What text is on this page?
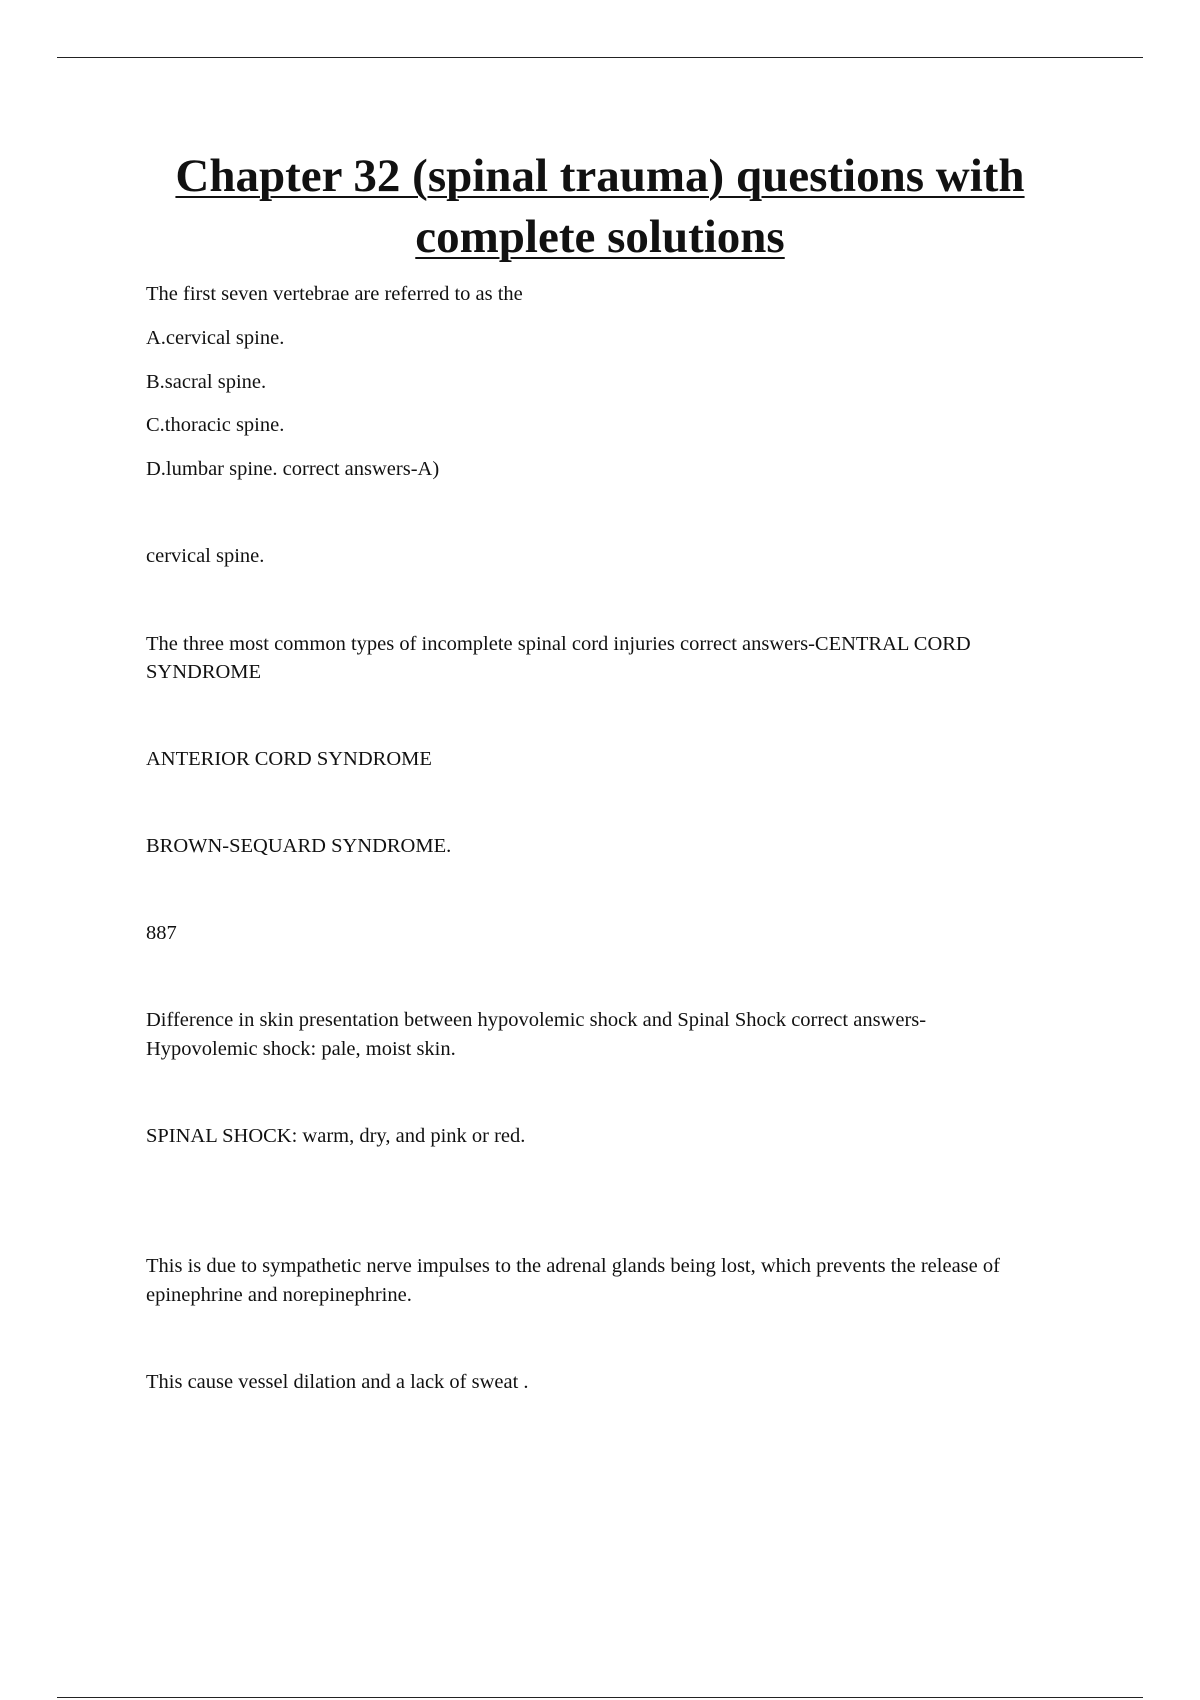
Chapter 32 (spinal trauma) questions with complete solutions

The first seven vertebrae are referred to as the

A.cervical spine.

B.sacral spine.

C.thoracic spine.

D.lumbar spine. correct answers-A)

cervical spine.

The three most common types of incomplete spinal cord injuries correct answers-CENTRAL CORD

SYNDROME

ANTERIOR CORD SYNDROME

BROWN-SEQUARD SYNDROME.

887

Difference in skin presentation between hypovolemic shock and Spinal Shock correct answers-

Hypovolemic shock: pale, moist skin.

SPINAL SHOCK: warm, dry, and pink or red.

This is due to sympathetic nerve impulses to the adrenal glands being lost, which prevents the release of

epinephrine and norepinephrine.

This cause vessel dilation and a lack of sweat .
